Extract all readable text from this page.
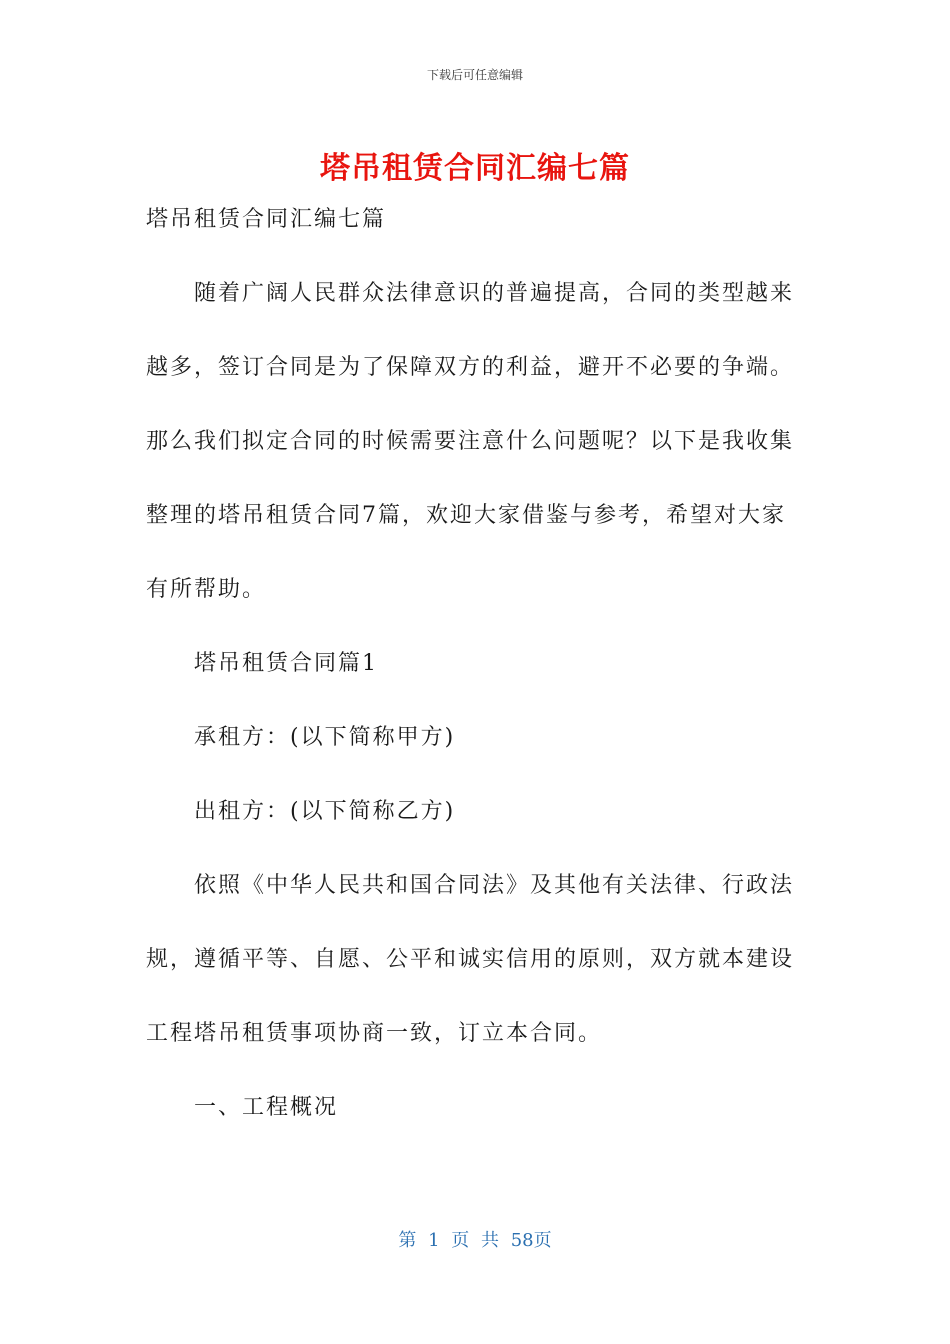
下载后可任意编辑
塔吊租赁合同汇编七篇
塔吊租赁合同汇编七篇
随着广阔人民群众法律意识的普遍提高，合同的类型越来
越多，签订合同是为了保障双方的利益，避开不必要的争端。
那么我们拟定合同的时候需要注意什么问题呢？以下是我收集
整理的塔吊租赁合同7篇，欢迎大家借鉴与参考，希望对大家
有所帮助。
塔吊租赁合同篇1
承租方：(以下简称甲方)
出租方：(以下简称乙方)
依照《中华人民共和国合同法》及其他有关法律、行政法
规，遵循平等、自愿、公平和诚实信用的原则，双方就本建设
工程塔吊租赁事项协商一致，订立本合同。
一、工程概况
第 1 页 共 58页
